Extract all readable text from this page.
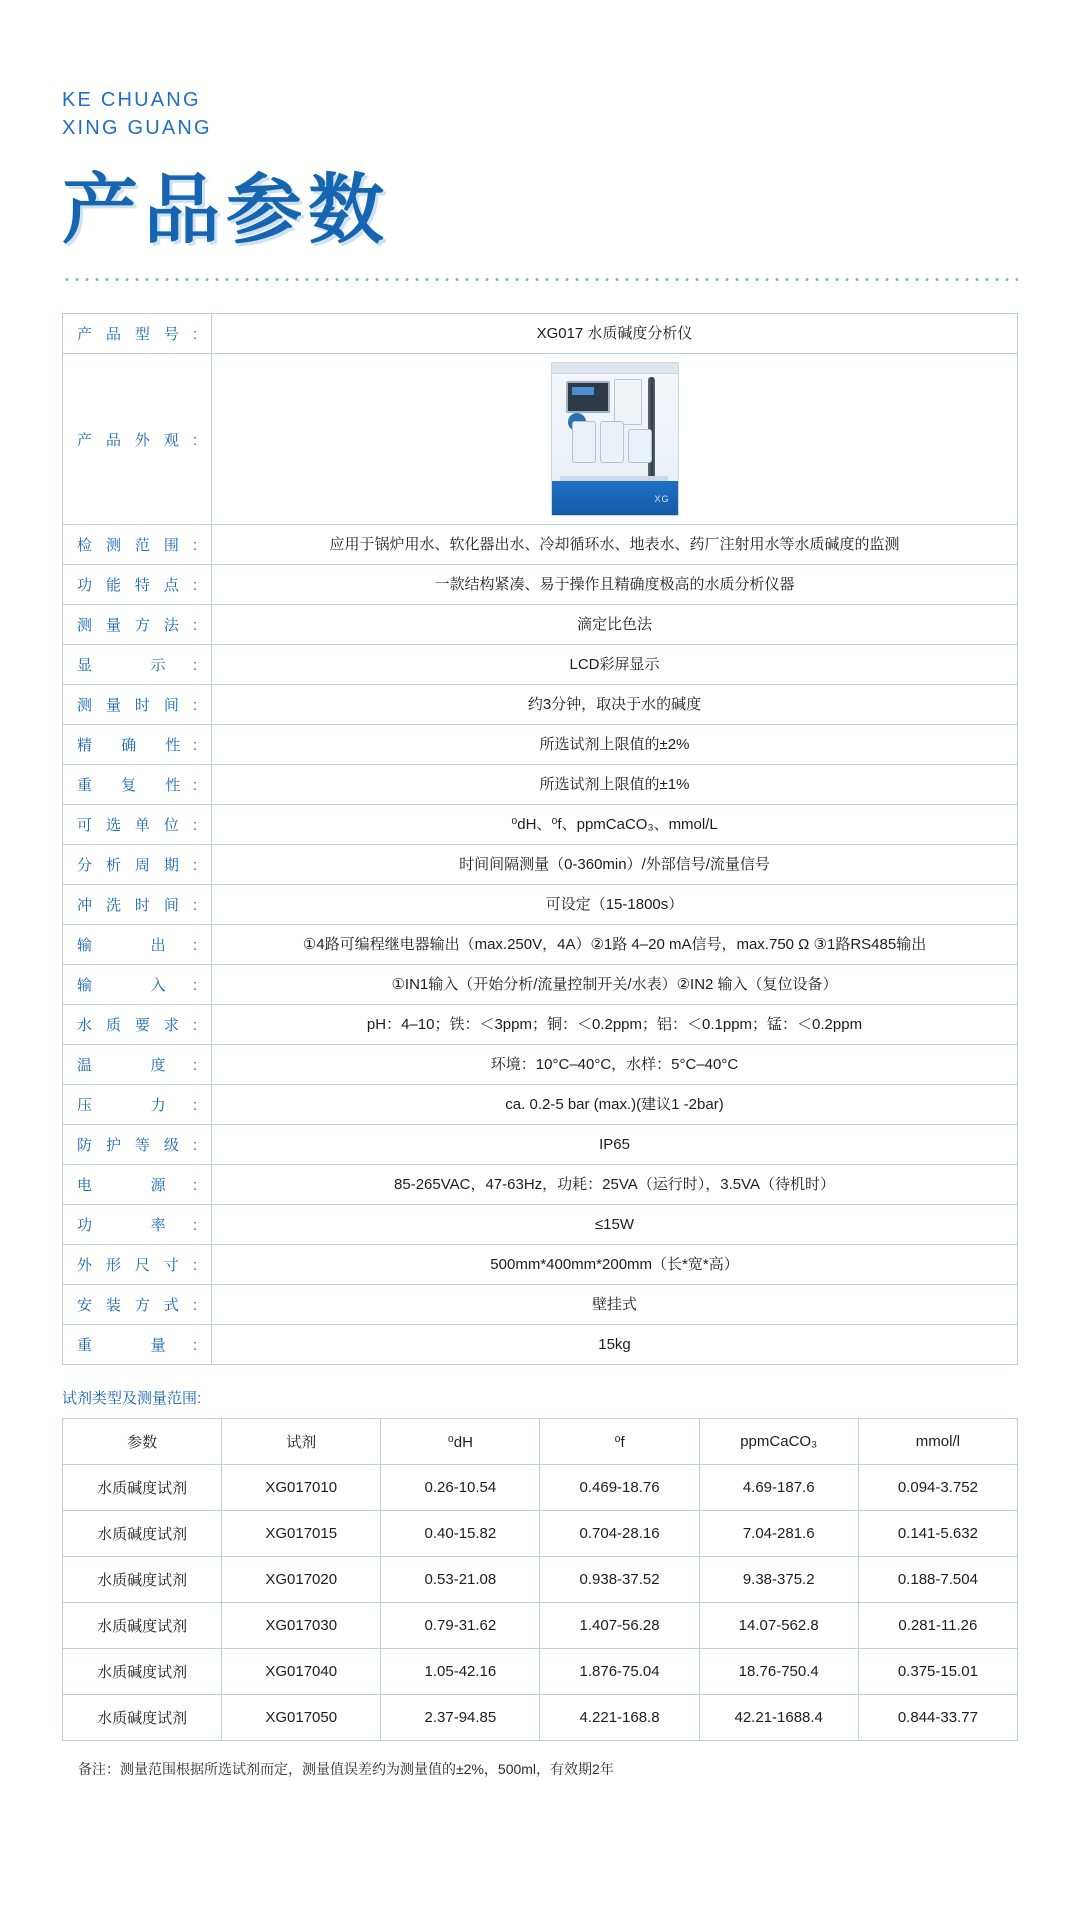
KE CHUANG
XING GUANG
产品参数
产品型号:	XG017 水质碱度分析仪
产品外观:	
XG

检测范围:	应用于锅炉用水、软化器出水、冷却循环水、地表水、药厂注射用水等水质碱度的监测
功能特点:	一款结构紧凑、易于操作且精确度极高的水质分析仪器
测量方法:	滴定比色法
显 示:	LCD彩屏显示
测量时间:	约3分钟，取决于水的碱度
精 确 性:	所选试剂上限值的±2%
重 复 性:	所选试剂上限值的±1%
可选单位:	⁰dH、⁰f、ppmCaCO₃、mmol/L
分析周期:	时间间隔测量（0-360min）/外部信号/流量信号
冲洗时间:	可设定（15-1800s）
输 出:	①4路可编程继电器输出（max.250V，4A）②1路 4–20 mA信号，max.750 Ω ③1路RS485输出
输 入:	①IN1输入（开始分析/流量控制开关/水表）②IN2 输入（复位设备）
水质要求:	pH：4–10；铁：＜3ppm；铜：＜0.2ppm；铝：＜0.1ppm；锰：＜0.2ppm
温 度:	环境：10°C–40°C，水样：5°C–40°C
压 力:	ca. 0.2-5 bar (max.)(建议1 -2bar)
防护等级:	IP65
电 源:	85-265VAC，47-63Hz，功耗：25VA（运行时），3.5VA（待机时）
功 率:	≤15W
外形尺寸:	500mm*400mm*200mm（长*宽*高）
安装方式:	壁挂式
重 量:	15kg
试剂类型及测量范围:
参数	试剂	⁰dH	⁰f	ppmCaCO₃	mmol/l
水质碱度试剂	XG017010	0.26-10.54	0.469-18.76	4.69-187.6	0.094-3.752
水质碱度试剂	XG017015	0.40-15.82	0.704-28.16	7.04-281.6	0.141-5.632
水质碱度试剂	XG017020	0.53-21.08	0.938-37.52	9.38-375.2	0.188-7.504
水质碱度试剂	XG017030	0.79-31.62	1.407-56.28	14.07-562.8	0.281-11.26
水质碱度试剂	XG017040	1.05-42.16	1.876-75.04	18.76-750.4	0.375-15.01
水质碱度试剂	XG017050	2.37-94.85	4.221-168.8	42.21-1688.4	0.844-33.77
备注：测量范围根据所选试剂而定，测量值误差约为测量值的±2%，500ml，有效期2年
